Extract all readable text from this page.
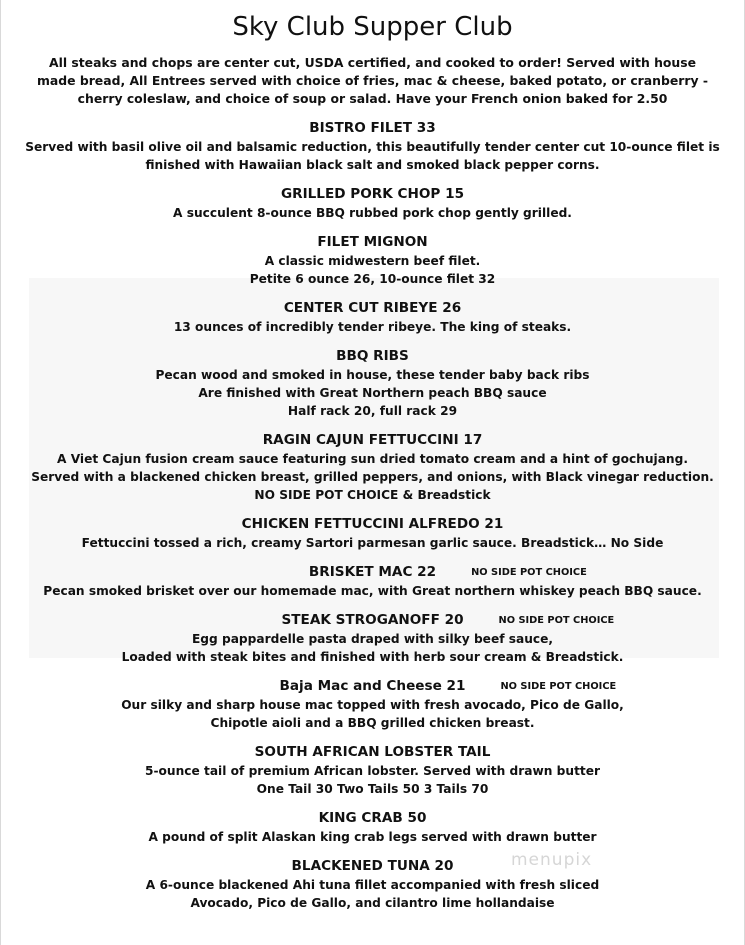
Sky Club Supper Club

All steaks and chops are center cut, USDA certified, and cooked to order! Served with house made bread, All Entrees served with choice of fries, mac & cheese, baked potato, or cranberry - cherry coleslaw, and choice of soup or salad. Have your French onion baked for 2.50

BISTRO FILET 33

Served with basil olive oil and balsamic reduction, this beautifully tender center cut 10-ounce filet is finished with Hawaiian black salt and smoked black pepper corns.

GRILLED PORK CHOP 15

A succulent 8-ounce BBQ rubbed pork chop gently grilled.

FILET MIGNON

A classic midwestern beef filet.

Petite 6 ounce 26, 10-ounce filet 32

CENTER CUT RIBEYE 26

13 ounces of incredibly tender ribeye. The king of steaks.

BBQ RIBS

Pecan wood and smoked in house, these tender baby back ribs

Are finished with Great Northern peach BBQ sauce

Half rack 20, full rack 29

RAGIN CAJUN FETTUCCINI 17

A Viet Cajun fusion cream sauce featuring sun dried tomato cream and a hint of gochujang.

Served with a blackened chicken breast, grilled peppers, and onions, with Black vinegar reduction. NO SIDE POT CHOICE & Breadstick

CHICKEN FETTUCCINI ALFREDO 21

Fettuccini tossed a rich, creamy Sartori parmesan garlic sauce. Breadstick… No Side

BRISKET MAC 22	NO SIDE POT CHOICE

Pecan smoked brisket over our homemade mac, with Great northern whiskey peach BBQ sauce.

STEAK STROGANOFF 20	NO SIDE POT CHOICE

Egg pappardelle pasta draped with silky beef sauce,

Loaded with steak bites and finished with herb sour cream & Breadstick.

Baja Mac and Cheese 21	NO SIDE POT CHOICE

Our silky and sharp house mac topped with fresh avocado, Pico de Gallo,

Chipotle aioli and a BBQ grilled chicken breast.

SOUTH AFRICAN LOBSTER TAIL

5-ounce tail of premium African lobster. Served with drawn butter

One Tail 30 Two Tails 50 3 Tails 70

KING CRAB 50

A pound of split Alaskan king crab legs served with drawn butter

BLACKENED TUNA 20

A 6-ounce blackened Ahi tuna fillet accompanied with fresh sliced

Avocado, Pico de Gallo, and cilantro lime hollandaise

menupix
